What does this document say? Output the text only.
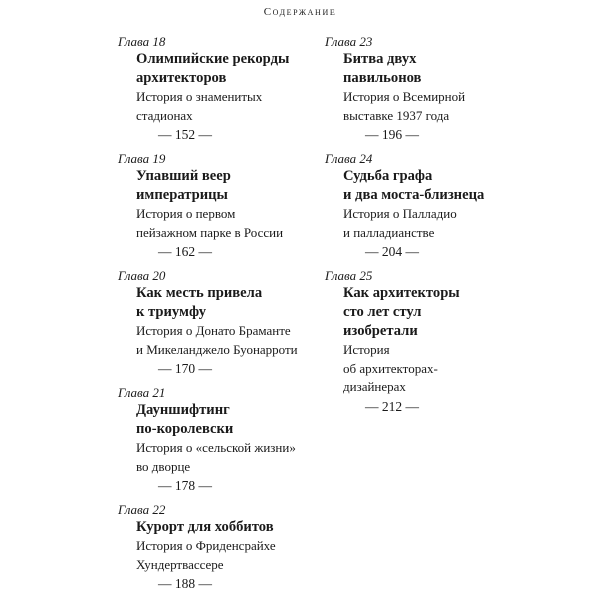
Содержание

Глава 18

Олимпийские рекорды
архитекторов

История о знаменитых
стадионах

— 152 —

Глава 19

Упавший веер
императрицы

История о первом
пейзажном парке в России

— 162 —

Глава 20

Как месть привела
к триумфу

История о Донато Браманте
и Микеланджело Буонарроти

— 170 —

Глава 21

Дауншифтинг
по-королевски

История о «сельской жизни»
во дворце

— 178 —

Глава 22

Курорт для хоббитов

История о Фриденсрайхе
Хундертвассере

— 188 —

Глава 23

Битва двух
павильонов

История о Всемирной
выставке 1937 года

— 196 —

Глава 24

Судьба графа
и два моста-близнеца

История о Палладио
и палладианстве

— 204 —

Глава 25

Как архитекторы
сто лет стул
изобретали

История
об архитекторах-
дизайнерах

— 212 —
